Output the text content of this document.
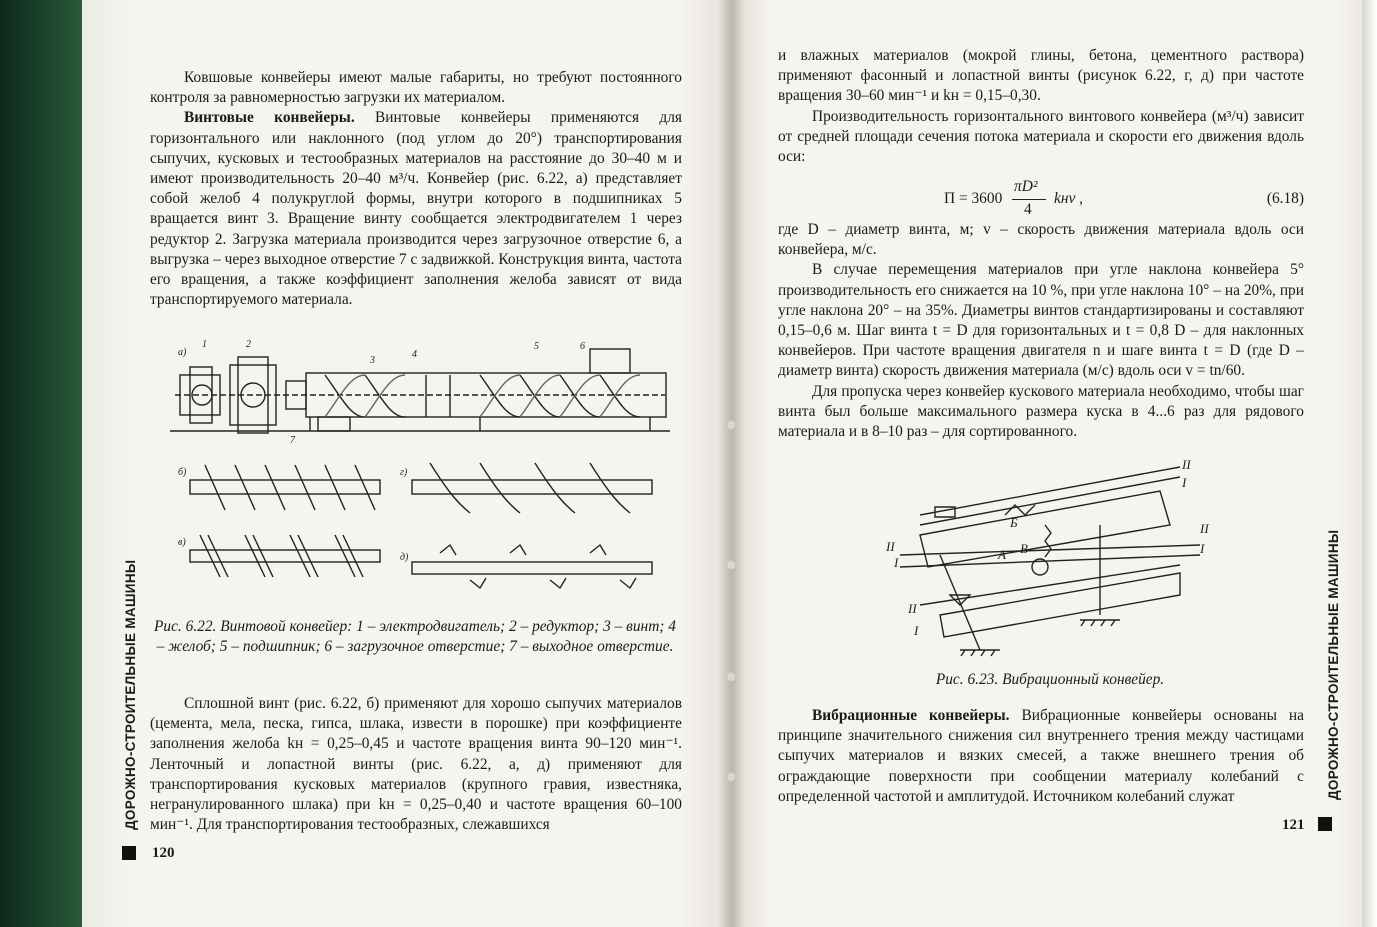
Ковшовые конвейеры имеют малые габариты, но требуют постоянного контроля за равномерностью загрузки их материалом.

Винтовые конвейеры. Винтовые конвейеры применяются для горизонтального или наклонного (под углом до 20°) транспортирования сыпучих, кусковых и тестообразных материалов на расстояние до 30–40 м и имеют производительность 20–40 м³/ч. Конвейер (рис. 6.22, а) представляет собой желоб 4 полукруглой формы, внутри которого в подшипниках 5 вращается винт 3. Вращение винту сообщается электродвигателем 1 через редуктор 2. Загрузка материала производится через загрузочное отверстие 6, а выгрузка – через выходное отверстие 7 с задвижкой. Конструкция винта, частота его вращения, а также коэффициент заполнения желоба зависят от вида транспортируемого материала.

а)
б)
в)
г)
д)
1	2
3
4
5	6
7
Рис. 6.22. Винтовой конвейер: 1 – электродвигатель; 2 – редуктор; 3 – винт; 4 – желоб; 5 – подшипник; 6 – загрузочное отверстие; 7 – выходное отверстие.

Сплошной винт (рис. 6.22, б) применяют для хорошо сыпучих материалов (цемента, мела, песка, гипса, шлака, извести в порошке) при коэффициенте заполнения желоба kн = 0,25–0,45 и частоте вращения винта 90–120 мин⁻¹. Ленточный и лопастной винты (рис. 6.22, а, д) применяют для транспортирования кусковых материалов (крупного гравия, известняка, негранулированного шлака) при kн = 0,25–0,40 и частоте вращения 60–100 мин⁻¹. Для транспортирования тестообразных, слежавшихся

ДОРОЖНО-СТРОИТЕЛЬНЫЕ МАШИНЫ
120

и влажных материалов (мокрой глины, бетона, цементного раствора) применяют фасонный и лопастной винты (рисунок 6.22, г, д) при частоте вращения 30–60 мин⁻¹ и kн = 0,15–0,30.

Производительность горизонтального винтового конвейера (м³/ч) зависит от средней площади сечения потока материала и скорости его движения вдоль оси:

П = 3600
πD²
4
kнv ,	(6.18)

где D – диаметр винта, м; v – скорость движения материала вдоль оси конвейера, м/с.

В случае перемещения материалов при угле наклона конвейера 5° производительность его снижается на 10 %, при угле наклона 10° – на 20%, при угле наклона 20° – на 35%. Диаметры винтов стандартизированы и составляют 0,15–0,6 м. Шаг винта t = D для горизонтальных и t = 0,8 D – для наклонных конвейеров. При частоте вращения двигателя n и шаге винта t = D (где D – диаметр винта) скорость движения материала (м/с) вдоль оси v = tn/60.

Для пропуска через конвейер кускового материала необходимо, чтобы шаг винта был больше максимального размера куска в 4...6 раз для рядового материала и в 8–10 раз – для сортированного.

II
I
II
I
II
I
II
I
А
Б
В
Рис. 6.23. Вибрационный конвейер.

Вибрационные конвейеры. Вибрационные конвейеры основаны на принципе значительного снижения сил внутреннего трения между частицами сыпучих материалов и вязких смесей, а также внешнего трения об ограждающие поверхности при сообщении материалу колебаний с определенной частотой и амплитудой. Источником колебаний служат	ДОРОЖНО-СТРОИТЕЛЬНЫЕ МАШИНЫ
121
